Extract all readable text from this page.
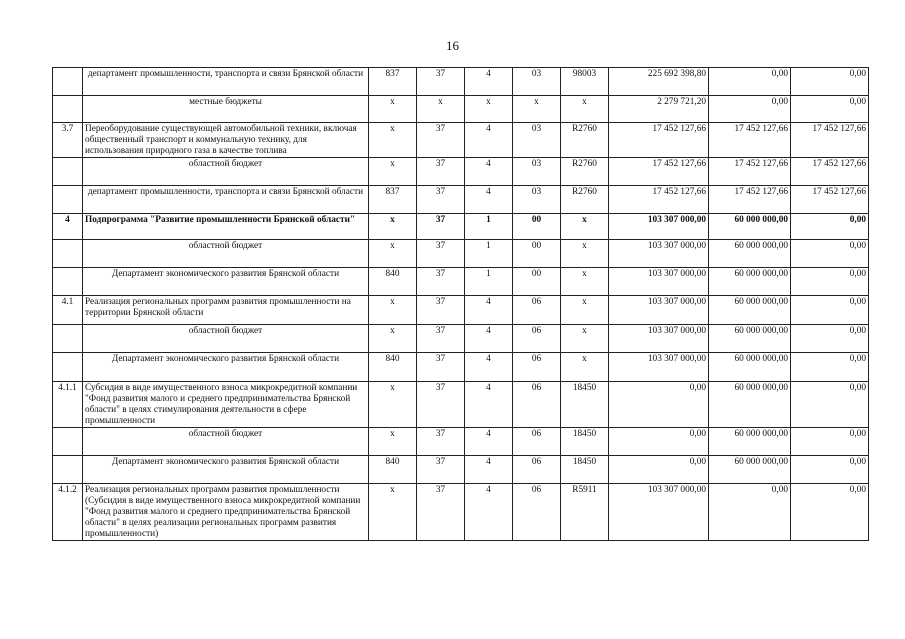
16
	департамент промышленности, транспорта и связи Брянской области	837	37	4	03	98003	225 692 398,80	0,00	0,00
	местные бюджеты	х	х	х	х	х	2 279 721,20	0,00	0,00
3.7	Переоборудование существующей автомобильной техники, включая общественный транспорт и коммунальную технику, для использования природного газа в качестве топлива	х	37	4	03	R2760	17 452 127,66	17 452 127,66	17 452 127,66
	областной бюджет	х	37	4	03	R2760	17 452 127,66	17 452 127,66	17 452 127,66
	департамент промышленности, транспорта и связи Брянской области	837	37	4	03	R2760	17 452 127,66	17 452 127,66	17 452 127,66
4	Подпрограмма "Развитие промышленности Брянской области"	х	37	1	00	х	103 307 000,00	60 000 000,00	0,00
	областной бюджет	х	37	1	00	х	103 307 000,00	60 000 000,00	0,00
	Департамент экономического развития Брянской области	840	37	1	00	х	103 307 000,00	60 000 000,00	0,00
4.1	Реализация региональных программ развития промышленности на территории Брянской области	х	37	4	06	х	103 307 000,00	60 000 000,00	0,00
	областной бюджет	х	37	4	06	х	103 307 000,00	60 000 000,00	0,00
	Департамент экономического развития Брянской области	840	37	4	06	х	103 307 000,00	60 000 000,00	0,00
4.1.1	Субсидия в виде имущественного взноса микрокредитной компании "Фонд развития малого и среднего предпринимательства Брянской области" в целях стимулирования деятельности в сфере промышленности	х	37	4	06	18450	0,00	60 000 000,00	0,00
	областной бюджет	х	37	4	06	18450	0,00	60 000 000,00	0,00
	Департамент экономического развития Брянской области	840	37	4	06	18450	0,00	60 000 000,00	0,00
4.1.2	Реализация региональных программ развития промышленности (Субсидия в виде имущественного взноса микрокредитной компании "Фонд развития малого и среднего предпринимательства Брянской области" в целях реализации региональных программ развития промышленности)	х	37	4	06	R5911	103 307 000,00	0,00	0,00
